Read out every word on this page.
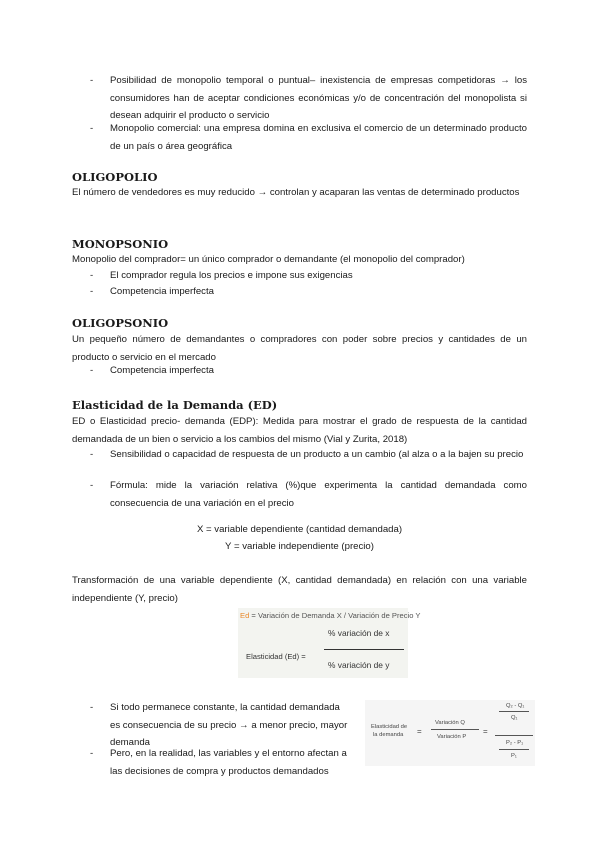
- Posibilidad de monopolio temporal o puntual– inexistencia de empresas competidoras → los consumidores han de aceptar condiciones económicas y/o de concentración del monopolista si desean adquirir el producto o servicio
- Monopolio comercial: una empresa domina en exclusiva el comercio de un determinado producto de un país o área geográfica
OLIGOPOLIO
El número de vendedores es muy reducido → controlan y acaparan las ventas de determinado productos
MONOPSONIO
Monopolio del comprador= un único comprador o demandante (el monopolio del comprador)
- El comprador regula los precios e impone sus exigencias
- Competencia imperfecta
OLIGOPSONIO
Un pequeño número de demandantes o compradores con poder sobre precios y cantidades de un producto o servicio en el mercado
- Competencia imperfecta
Elasticidad de la Demanda (ED)
ED o Elasticidad precio- demanda (EDP): Medida para mostrar el grado de respuesta de la cantidad demandada de un bien o servicio a los cambios del mismo (Vial y Zurita, 2018)
- Sensibilidad o capacidad de respuesta de un producto a un cambio (al alza o a la bajen su precio
- Fórmula: mide la variación relativa (%)que experimenta la cantidad demandada como consecuencia de una variación en el precio
X = variable dependiente (cantidad demandada)
Y = variable independiente (precio)
Transformación de una variable dependiente (X, cantidad demandada) en relación con una variable independiente (Y, precio)
Ed = Variación de Demanda X / Variación de Precio Y
% variación de x
Elasticidad (Ed) =
% variación de y
- Si todo permanece constante, la cantidad demandada es consecuencia de su precio → a menor precio, mayor demanda
- Pero, en la realidad, las variables y el entorno afectan a las decisiones de compra y productos demandados
Elasticidad de
la demanda =
Variación Q
Variación P
=
Q₂ - Q₁
Q₁
P₂ - P₁
P₁
